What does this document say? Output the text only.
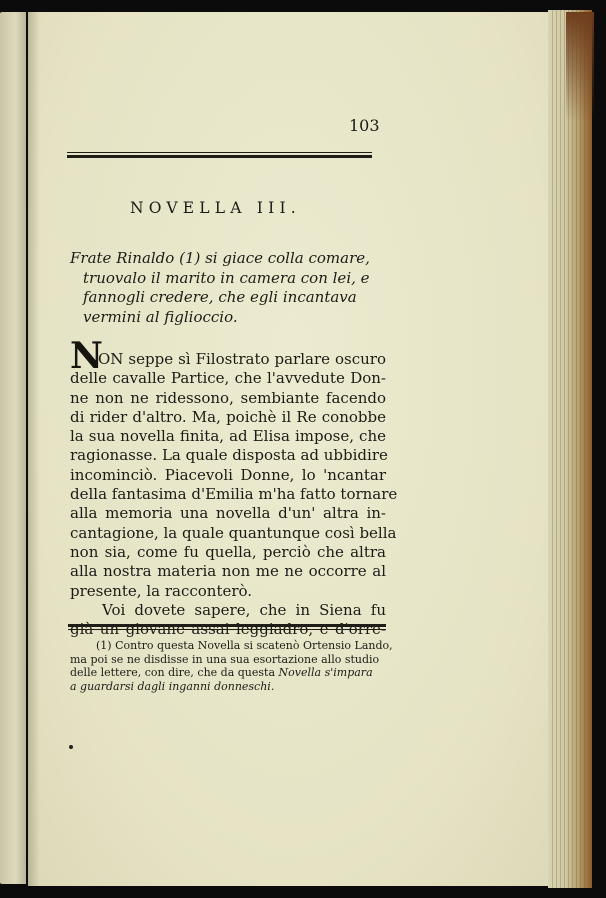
103
NOVELLA III.
Frate Rinaldo (1) si giace colla comare,
truovalo il marito in camera con lei, e
fannogli credere, che egli incantava
vermini al figlioccio.
N
ON seppe sì Filostrato parlare oscuro
delle cavalle Partice, che l'avvedute Don-
ne non ne ridessono, sembiante facendo
di rider d'altro. Ma, poichè il Re conobbe
la sua novella finita, ad Elisa impose, che
ragionasse. La quale disposta ad ubbidire
incominciò. Piacevoli Donne, lo 'ncantar
della fantasima d'Emilia m'ha fatto tornare
alla memoria una novella d'un' altra in-
cantagione, la quale quantunque così bella
non sia, come fu quella, perciò che altra
alla nostra materia non me ne occorre al
presente, la racconterò.
Voi dovete sapere, che in Siena fu
già un giovane assai leggiadro, e d'orre-
(1) Contro questa Novella si scatenò Ortensio Lando,
ma poi se ne disdisse in una sua esortazione allo studio
delle lettere, con dire, che da questa Novella s'impara
a guardarsi dagli inganni donneschi.
